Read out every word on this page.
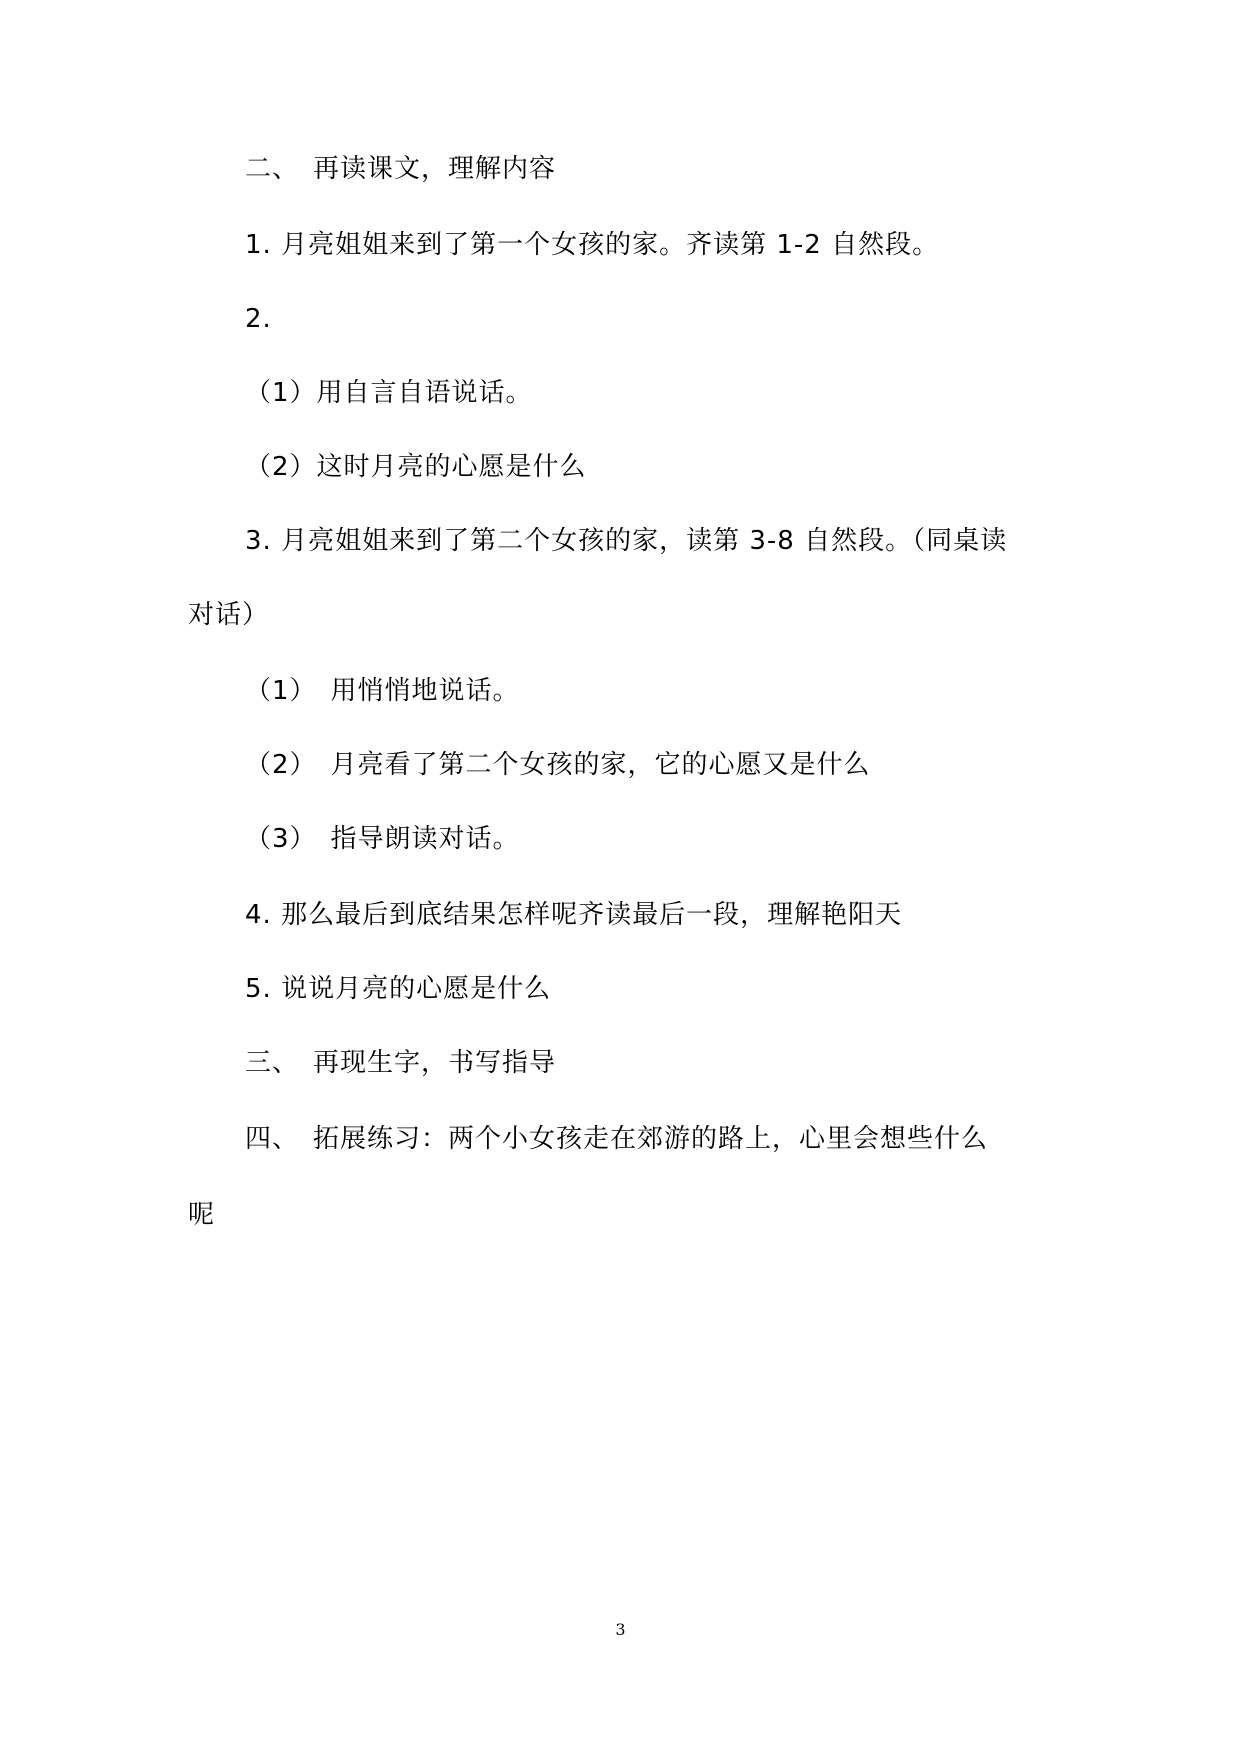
二、　再读课文，理解内容
1. 月亮姐姐来到了第一个女孩的家。齐读第 1-2 自然段。
2.
（1）用自言自语说话。
（2）这时月亮的心愿是什么
3. 月亮姐姐来到了第二个女孩的家，读第 3-8 自然段。（同桌读
对话）
（1）　用悄悄地说话。
（2）　月亮看了第二个女孩的家，它的心愿又是什么
（3）　指导朗读对话。
4. 那么最后到底结果怎样呢齐读最后一段，理解艳阳天
5. 说说月亮的心愿是什么
三、　再现生字，书写指导
四、　拓展练习：两个小女孩走在郊游的路上，心里会想些什么
呢
3
